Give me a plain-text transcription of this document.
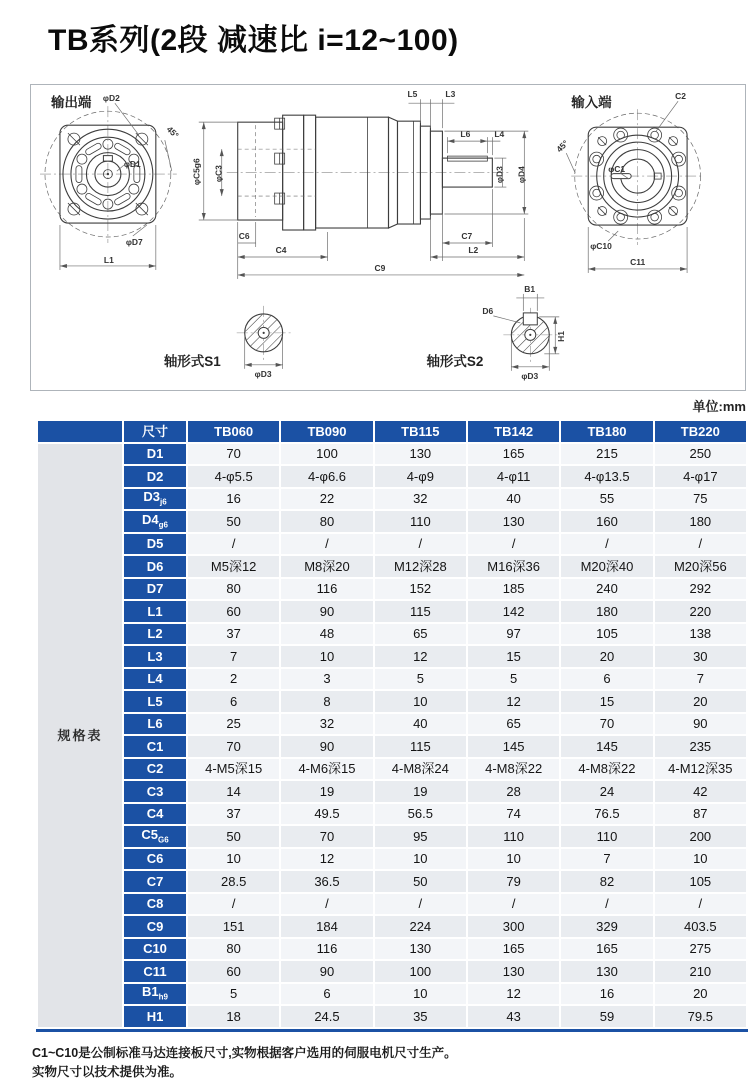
TB系列(2段 减速比 i=12~100)
输出端 φD2
φD1
45°
φD7
L1
φC5g6 φC3
L5	L3
L6	L4
φD3 φD4
C7
L2
C6
C4
C9
输入端
φC1
C2
45°
φC10
C11
轴形式S1
φD3
轴形式S2
B1
D6
H1
φD3
单位:mm
	尺寸	TB060	TB090	TB115	TB142	TB180	TB220
规格表	D1	70	100	130	165	215	250
	D2	4-φ5.5	4-φ6.6	4-φ9	4-φ11	4-φ13.5	4-φ17
	$D3_{j6}$	16	22	32	40	55	75
	$D4_{g6}$	50	80	110	130	160	180
	D5	/	/	/	/	/	/
	D6	M5深12	M8深20	M12深28	M16深36	M20深40	M20深56
	D7	80	116	152	185	240	292
	L1	60	90	115	142	180	220
	L2	37	48	65	97	105	138
	L3	7	10	12	15	20	30
	L4	2	3	5	5	6	7
	L5	6	8	10	12	15	20
	L6	25	32	40	65	70	90
	C1	70	90	115	145	145	235
	C2	4-M5深15	4-M6深15	4-M8深24	4-M8深22	4-M8深22	4-M12深35
	C3	14	19	19	28	24	42
	C4	37	49.5	56.5	74	76.5	87
	$C5_{G6}$	50	70	95	110	110	200
	C6	10	12	10	10	7	10
	C7	28.5	36.5	50	79	82	105
	C8	/	/	/	/	/	/
	C9	151	184	224	300	329	403.5
	C10	80	116	130	165	165	275
	C11	60	90	100	130	130	210
	$B1_{h9}$	5	6	10	12	16	20
	H1	18	24.5	35	43	59	79.5
C1~C10是公制标准马达连接板尺寸,实物根据客户选用的伺服电机尺寸生产。
实物尺寸以技术提供为准。
